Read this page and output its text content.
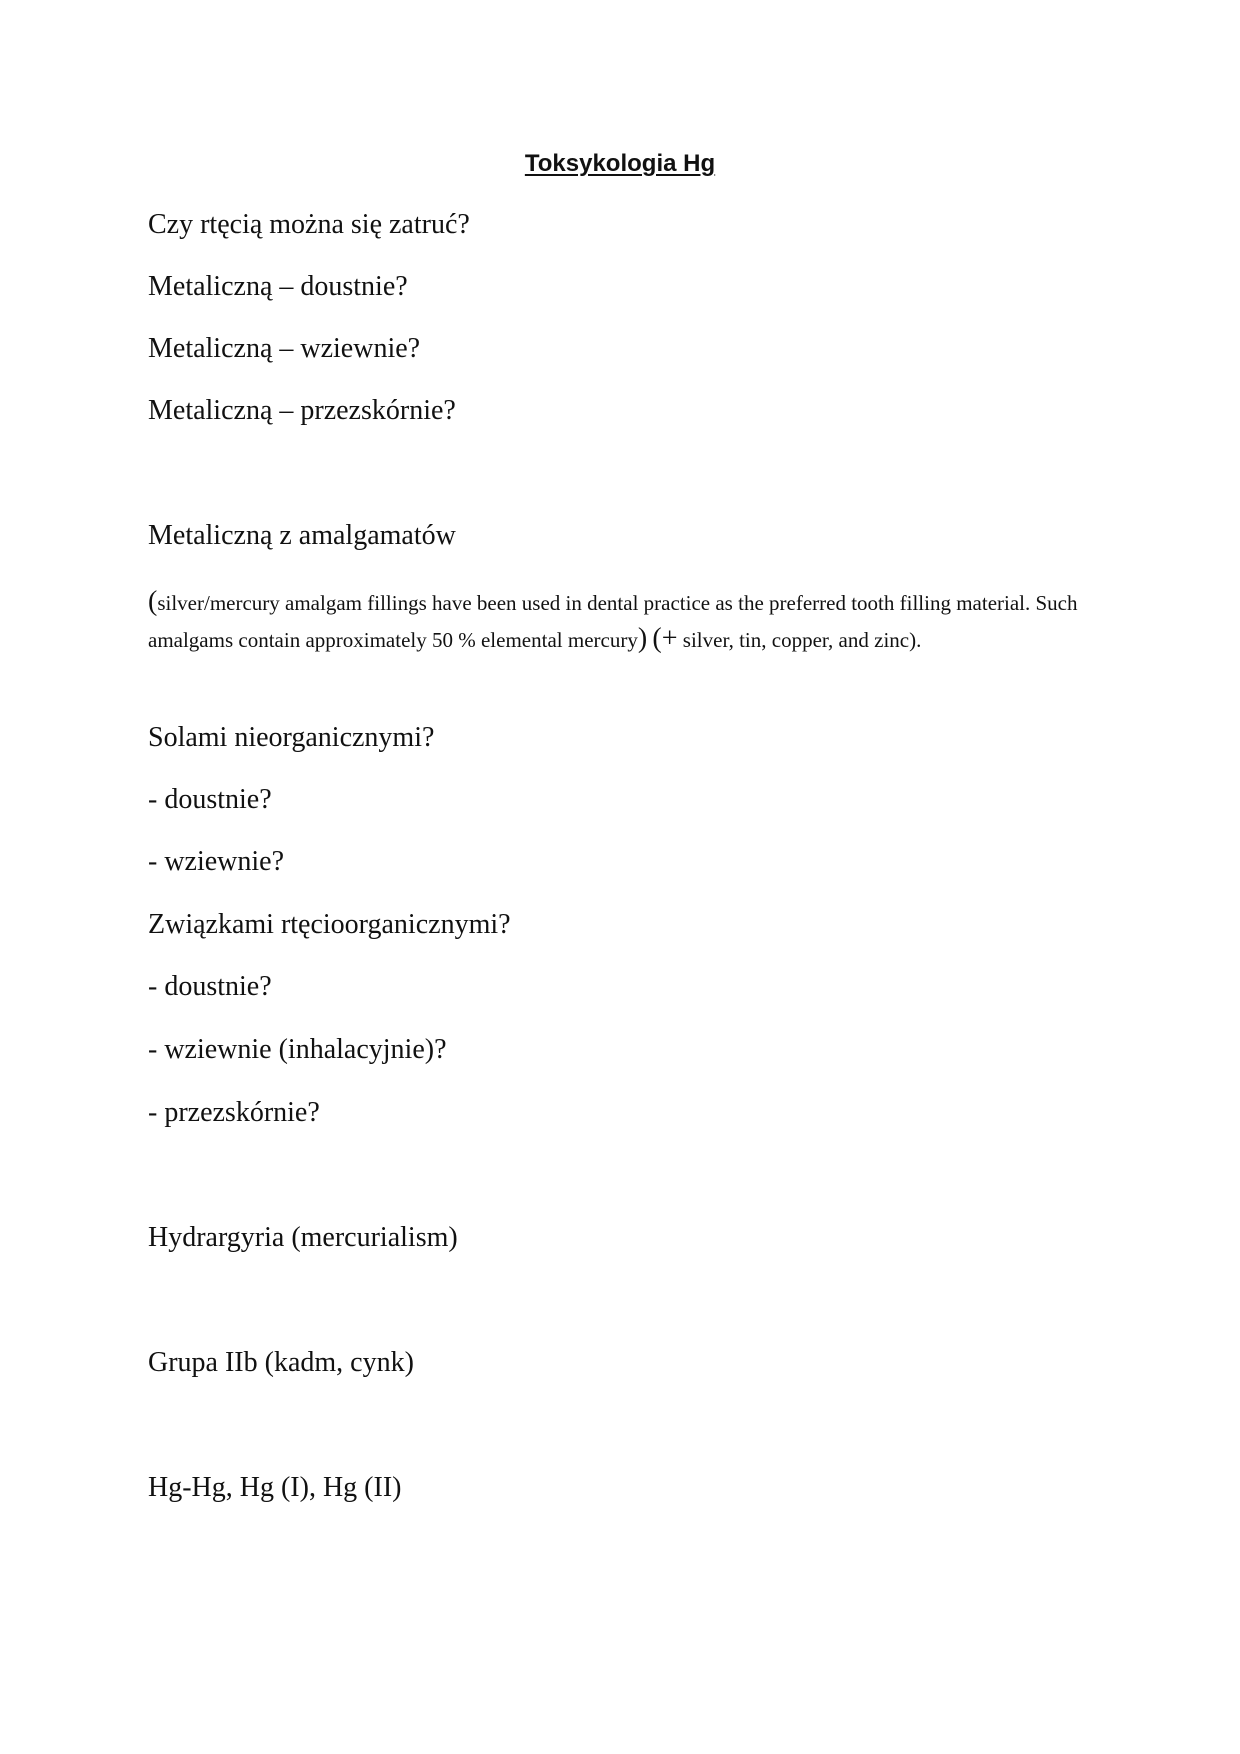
Toksykologia Hg
Czy rtęcią można się zatruć?
Metaliczną – doustnie?
Metaliczną – wziewnie?
Metaliczną – przezskórnie?
Metaliczną z amalgamatów
(silver/mercury amalgam fillings have been used in dental practice as the preferred tooth filling material. Such amalgams contain approximately 50 % elemental mercury) (+ silver, tin, copper, and zinc).
Solami nieorganicznymi?
- doustnie?
- wziewnie?
Związkami rtęcioorganicznymi?
- doustnie?
- wziewnie (inhalacyjnie)?
- przezskórnie?
Hydrargyria (mercurialism)
Grupa IIb (kadm, cynk)
Hg-Hg, Hg (I), Hg (II)
